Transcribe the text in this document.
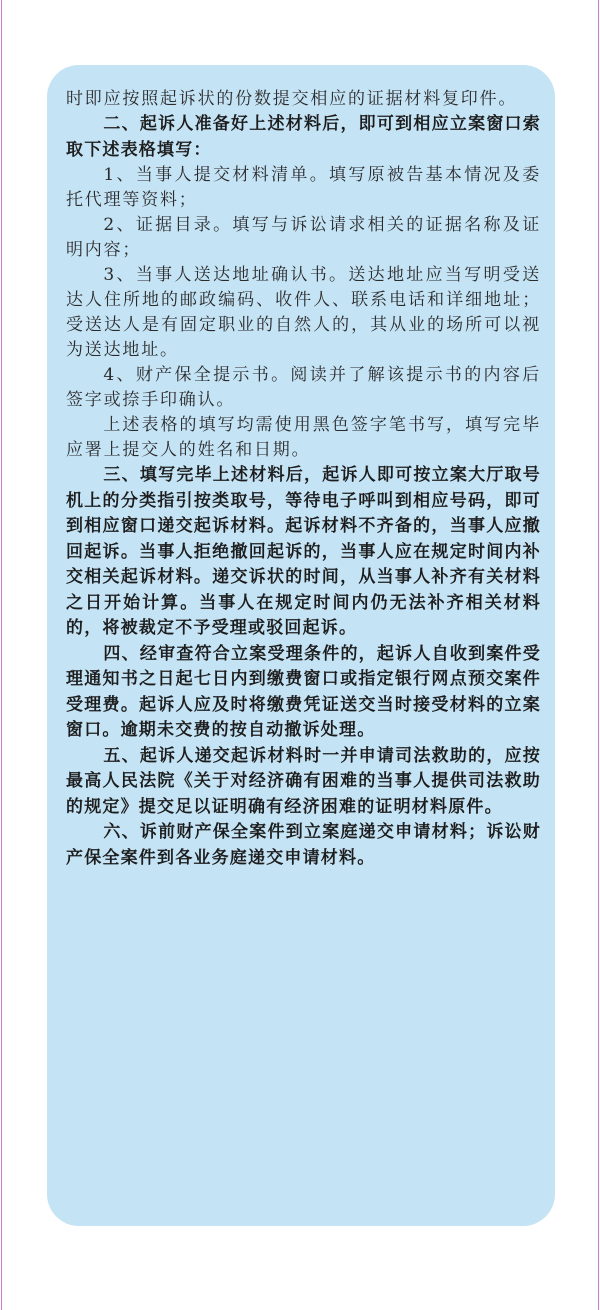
时即应按照起诉状的份数提交相应的证据材料复印件。

二、起诉人准备好上述材料后，即可到相应立案窗口索取下述表格填写：

1、当事人提交材料清单。填写原被告基本情况及委托代理等资料；

2、证据目录。填写与诉讼请求相关的证据名称及证明内容；

3、当事人送达地址确认书。送达地址应当写明受送达人住所地的邮政编码、收件人、联系电话和详细地址；受送达人是有固定职业的自然人的，其从业的场所可以视为送达地址。

4、财产保全提示书。阅读并了解该提示书的内容后签字或捺手印确认。

上述表格的填写均需使用黑色签字笔书写，填写完毕应署上提交人的姓名和日期。

三、填写完毕上述材料后，起诉人即可按立案大厅取号机上的分类指引按类取号，等待电子呼叫到相应号码，即可到相应窗口递交起诉材料。起诉材料不齐备的，当事人应撤回起诉。当事人拒绝撤回起诉的，当事人应在规定时间内补交相关起诉材料。递交诉状的时间，从当事人补齐有关材料之日开始计算。当事人在规定时间内仍无法补齐相关材料的，将被裁定不予受理或驳回起诉。

四、经审查符合立案受理条件的，起诉人自收到案件受理通知书之日起七日内到缴费窗口或指定银行网点预交案件受理费。起诉人应及时将缴费凭证送交当时接受材料的立案窗口。逾期未交费的按自动撤诉处理。

五、起诉人递交起诉材料时一并申请司法救助的，应按最高人民法院《关于对经济确有困难的当事人提供司法救助的规定》提交足以证明确有经济困难的证明材料原件。

六、诉前财产保全案件到立案庭递交申请材料；诉讼财产保全案件到各业务庭递交申请材料。
